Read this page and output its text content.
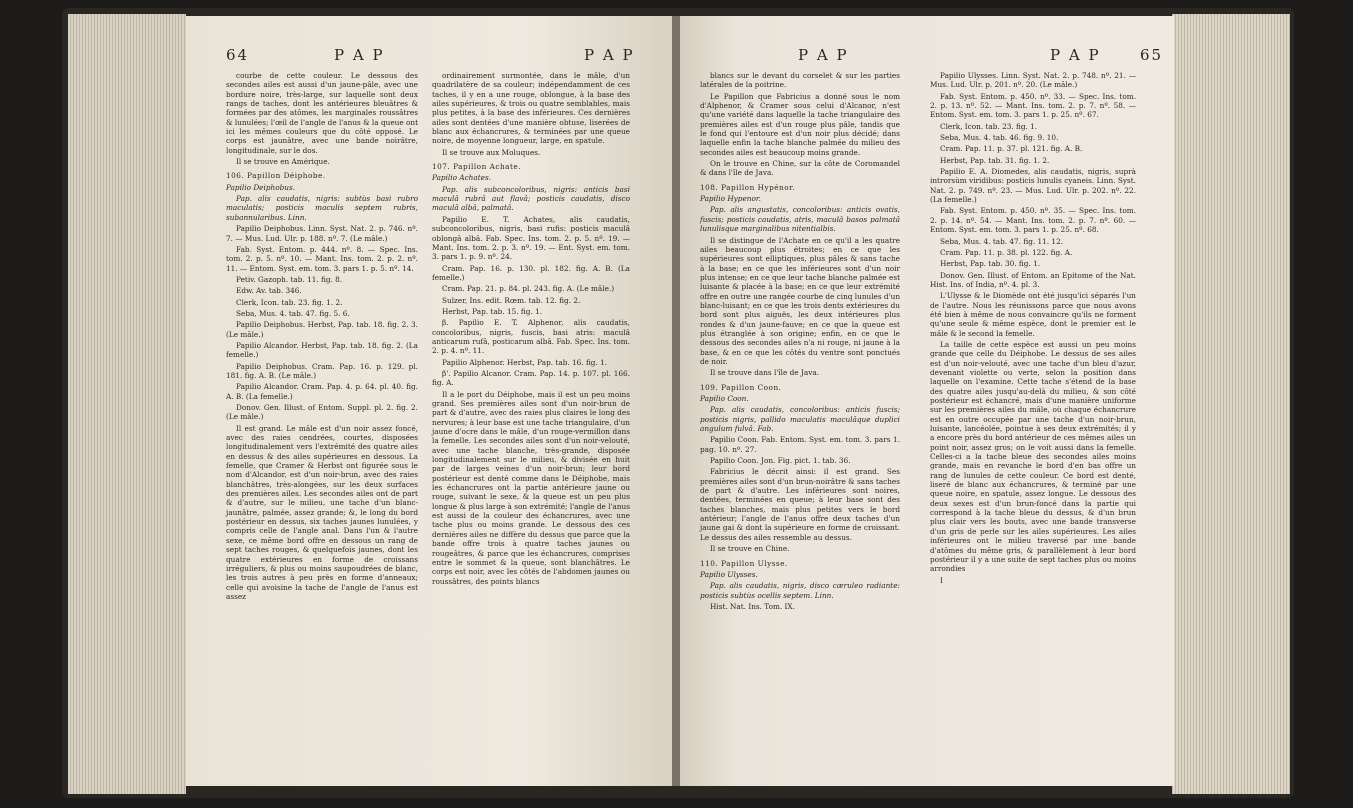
64	P A P	P A P

courbe de cette couleur. Le dessous des secondes ailes est aussi d'un jaune-pâle, avec une bordure noire, très-large, sur laquelle sont deux rangs de taches, dont les antérieures bleuâtres & formées par des atômes, les marginales roussâtres & lunulées; l'œil de l'angle de l'anus & la queue ont ici les mêmes couleurs que du côté opposé. Le corps est jaunâtre, avec une bande noirâtre, longitudinale, sur le dos.

Il se trouve en Amérique.

106. Papillon Déiphobe.

Papilio Deiphobus.

Pap. alis caudatis, nigris: subtùs basi rubro maculatis; posticis maculis septem rubris, subannularibus. Linn.

Papilio Deiphobus. Linn. Syst. Nat. 2. p. 746. nº. 7. — Mus. Lud. Ulr. p. 188. nº. 7. (Le mâle.)

Fab. Syst. Entom. p. 444. nº. 8. — Spec. Ins. tom. 2. p. 5. nº. 10. — Mant. Ins. tom. 2. p. 2. nº. 11. — Entom. Syst. em. tom. 3. pars 1. p. 5. nº. 14.

Petiv. Gazoph. tab. 11. fig. 8.

Edw. Av. tab. 346.

Clerk, Icon. tab. 23. fig. 1. 2.

Seba, Mus. 4. tab. 47. fig. 5. 6.

Papilio Deiphobus. Herbst, Pap. tab. 18. fig. 2. 3. (Le mâle.)

Papilio Alcandor. Herbst, Pap. tab. 18. fig. 2. (La femelle.)

Papilio Deiphobus. Cram. Pap. 16. p. 129. pl. 181. fig. A. B. (Le mâle.)

Papilio Alcandor. Cram. Pap. 4. p. 64. pl. 40. fig. A. B. (La femelle.)

Donov. Gen. Illust. of Entom. Suppl. pl. 2. fig. 2. (Le mâle.)

Il est grand. Le mâle est d'un noir assez foncé, avec des raies cendrées, courtes, disposées longitudinalement vers l'extrémité des quatre ailes en dessus & des ailes supérieures en dessous. La femelle, que Cramer & Herbst ont figurée sous le nom d'Alcandor, est d'un noir-brun, avec des raies blanchâtres, très-alongées, sur les deux surfaces des premières ailes. Les secondes ailes ont de part & d'autre, sur le milieu, une tache d'un blanc-jaunâtre, palmée, assez grande; &, le long du bord postérieur en dessus, six taches jaunes lunulées, y compris celle de l'angle anal. Dans l'un & l'autre sexe, ce même bord offre en dessous un rang de sept taches rouges, & quelquefois jaunes, dont les quatre extérieures en forme de croissans irréguliers, & plus ou moins saupoudrées de blanc, les trois autres à peu près en forme d'anneaux; celle qui avoisine la tache de l'angle de l'anus est assez

ordinairement surmontée, dans le mâle, d'un quadrilatère de sa couleur; indépendamment de ces taches, il y en a une rouge, oblongue, à la base des ailes supérieures, & trois ou quatre semblables, mais plus petites, à la base des inférieures. Ces dernières ailes sont dentées d'une manière obtuse, liserées de blanc aux échancrures, & terminées par une queue noire, de moyenne longueur, large, en spatule.

Il se trouve aux Moluques.

107. Papillon Achate.

Papilio Achates.

Pap. alis subconcoloribus, nigris: anticis basi maculâ rubrâ aut flavâ; posticis caudatis, disco maculâ albâ, palmatâ.

Papilio E. T. Achates, alis caudatis, subconcoloribus, nigris, basi rufis: posticis maculâ oblongâ albâ. Fab. Spec. Ins. tom. 2. p. 5. nº. 19. — Mant. Ins. tom. 2. p. 3. nº. 19. — Ent. Syst. em. tom. 3. pars 1. p. 9. nº. 24.

Cram. Pap. 16. p. 130. pl. 182. fig. A. B. (La femelle.)

Cram. Pap. 21. p. 84. pl. 243. fig. A. (Le mâle.)

Sulzer, Ins. edit. Rœm. tab. 12. fig. 2.

Herbst, Pap. tab. 15. fig. 1.

β. Papilio E. T. Alphenor, alis caudatis, concoloribus, nigris, fuscis, basi atris: maculâ anticarum rufâ, posticarum albâ. Fab. Spec. Ins. tom. 2. p. 4. nº. 11.

Papilio Alphenor. Herbst, Pap. tab. 16. fig. 1.

β'. Papilio Alcanor. Cram. Pap. 14. p. 107. pl. 166. fig. A.

Il a le port du Déiphobe, mais il est un peu moins grand. Ses premières ailes sont d'un noir-brun de part & d'autre, avec des raies plus claires le long des nervures; à leur base est une tache triangulaire, d'un jaune d'ocre dans le mâle, d'un rouge-vermillon dans la femelle. Les secondes ailes sont d'un noir-velouté, avec une tache blanche, très-grande, disposée longitudinalement sur le milieu, & divisée en huit par de larges veines d'un noir-brun; leur bord postérieur est denté comme dans le Déiphobe, mais les échancrures ont la partie antérieure jaune ou rouge, suivant le sexe, & la queue est un peu plus longue & plus large à son extrémité; l'angle de l'anus est aussi de la couleur des échancrures, avec une tache plus ou moins grande. Le dessous des ces dernières ailes ne diffère du dessus que parce que la bande offre trois à quatre taches jaunes ou rougeâtres, & parce que les échancrures, comprises entre le sommet & la queue, sont blanchâtres. Le corps est noir, avec les côtés de l'abdomen jaunes ou roussâtres, des points blancs

P A P	P A P	65

blancs sur le devant du corselet & sur les parties latérales de la poitrine.

Le Papillon que Fabricius a donné sous le nom d'Alphenor, & Cramer sous celui d'Alcanor, n'est qu'une variété dans laquelle la tache triangulaire des premières ailes est d'un rouge plus pâle, tandis que le fond qui l'entoure est d'un noir plus décidé; dans laquelle enfin la tache blanche palmée du milieu des secondes ailes est beaucoup moins grande.

On le trouve en Chine, sur la côte de Coromandel & dans l'île de Java.

108. Papillon Hypénor.

Papilio Hypenor.

Pap. alis angustatis, concoloribus: anticis ovatis, fuscis; posticis caudatis, atris, maculâ basos palmatâ lunulisque marginalibus nitentialbis.

Il se distingue de l'Achate en ce qu'il a les quatre ailes beaucoup plus étroites; en ce que les supérieures sont elliptiques, plus pâles & sans tache à la base; en ce que les inférieures sont d'un noir plus intense; en ce que leur tache blanche palmée est luisante & placée à la base; en ce que leur extrémité offre en outre une rangée courbe de cinq lunules d'un blanc-luisant; en ce que les trois dents extérieures du bord sont plus aiguës, les deux intérieures plus rondes & d'un jaune-fauve; en ce que la queue est plus étranglée à son origine; enfin, en ce que le dessous des secondes ailes n'a ni rouge, ni jaune à la base, & en ce que les côtés du ventre sont ponctués de noir.

Il se trouve dans l'île de Java.

109. Papillon Coon.

Papilio Coon.

Pap. alis caudatis, concoloribus: anticis fuscis; posticis nigris, pallido maculatis maculâque duplici angulum fulvâ. Fab.

Papilio Coon. Fab. Entom. Syst. em. tom. 3. pars 1. pag. 10. nº. 27.

Papilio Coon. Jon. Fig. pict. 1. tab. 36.

Fabricius le décrit ainsi: il est grand. Ses premières ailes sont d'un brun-noirâtre & sans taches de part & d'autre. Les inférieures sont noires, dentées, terminées en queue; à leur base sont des taches blanches, mais plus petites vers le bord antérieur; l'angle de l'anus offre deux taches d'un jaune gai & dont la supérieure en forme de croissant. Le dessus des ailes ressemble au dessus.

Il se trouve en Chine.

110. Papillon Ulysse.

Papilio Ulysses.

Pap. alis caudatis, nigris, disco cæruleo radiante: posticis subtùs ocellis septem. Linn.

Hist. Nat. Ins. Tom. IX.

Papilio Ulysses. Linn. Syst. Nat. 2. p. 748. nº. 21. — Mus. Lud. Ulr. p. 201. nº. 20. (Le mâle.)

Fab. Syst. Entom. p. 450. nº. 33. — Spec. Ins. tom. 2. p. 13. nº. 52. — Mant. Ins. tom. 2. p. 7. nº. 58. — Entom. Syst. em. tom. 3. pars 1. p. 25. nº. 67.

Clerk, Icon. tab. 23. fig. 1.

Seba, Mus. 4. tab. 46. fig. 9. 10.

Cram. Pap. 11. p. 37. pl. 121. fig. A. B.

Herbst, Pap. tab. 31. fig. 1. 2.

Papilio E. A. Diomedes, alis caudatis, nigris, suprà introrsùm viridibus: posticis lunulis cyaneis. Linn. Syst. Nat. 2. p. 749. nº. 23. — Mus. Lud. Ulr. p. 202. nº. 22. (La femelle.)

Fab. Syst. Entom. p. 450. nº. 35. — Spec. Ins. tom. 2. p. 14. nº. 54. — Mant. Ins. tom. 2. p. 7. nº. 60. — Entom. Syst. em. tom. 3. pars 1. p. 25. nº. 68.

Seba, Mus. 4. tab. 47. fig. 11. 12.

Cram. Pap. 11. p. 38. pl. 122. fig. A.

Herbst, Pap. tab. 30. fig. 1.

Donov. Gen. Illust. of Entom. an Epitome of the Nat. Hist. Ins. of India, nº. 4. pl. 3.

L'Ulysse & le Diomède ont été jusqu'ici séparés l'un de l'autre. Nous les réunissons parce que nous avons été bien à même de nous convaincre qu'ils ne forment qu'une seule & même espèce, dont le premier est le mâle & le second la femelle.

La taille de cette espèce est aussi un peu moins grande que celle du Déiphobe. Le dessus de ses ailes est d'un noir-velouté, avec une tache d'un bleu d'azur, devenant violette ou verte, selon la position dans laquelle on l'examine. Cette tache s'étend de la base des quatre ailes jusqu'au-delà du milieu, & son côté postérieur est échancré, mais d'une manière uniforme sur les premières ailes du mâle, où chaque échancrure est en outre occupée par une tache d'un noir-brun, luisante, lancéolée, pointue à ses deux extrémités; il y a encore près du bord antérieur de ces mêmes ailes un point noir, assez gros; on le voit aussi dans la femelle. Celles-ci a la tache bleue des secondes ailes moins grande, mais en revanche le bord d'en bas offre un rang de lunules de cette couleur. Ce bord est denté, liseré de blanc aux échancrures, & terminé par une queue noire, en spatule, assez longue. Le dessous des deux sexes est d'un brun-foncé dans la partie qui correspond à la tache bleue du dessus, & d'un brun plus clair vers les bouts, avec une bande transverse d'un gris de perle sur les ailes supérieures. Les ailes inférieures ont le milieu traversé par une bande d'atômes du même gris, & parallèlement à leur bord postérieur il y a une suite de sept taches plus ou moins arrondies

I
